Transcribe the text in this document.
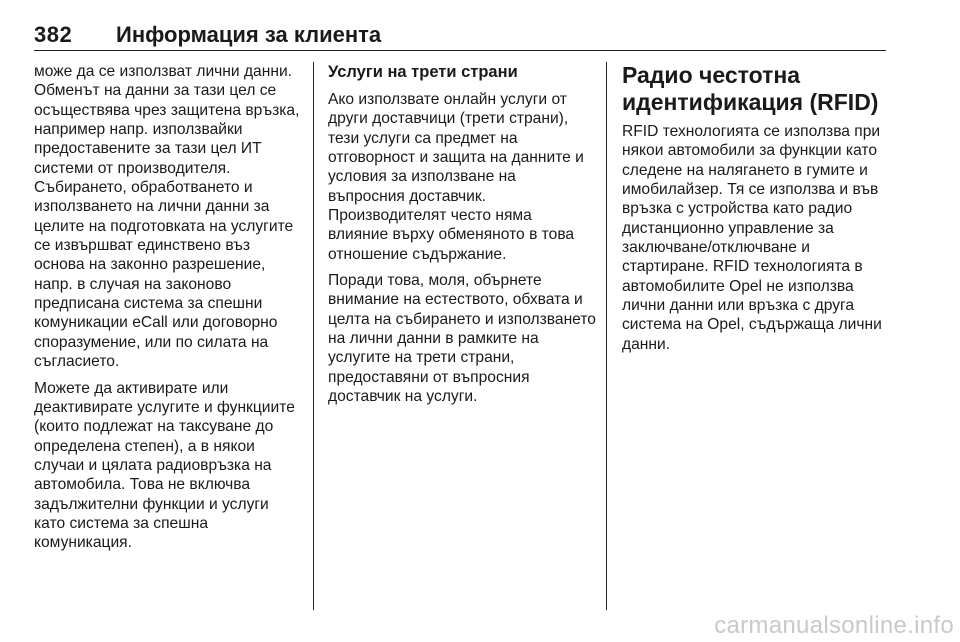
382 Информация за клиента

може да се използват лични данни. Обменът на данни за тази цел се осъществява чрез защитена връзка, например напр. използвайки предоставените за тази цел ИТ системи от производителя. Събирането, обработването и използването на лични данни за целите на подготовката на услугите се извършват единствено въз основа на законно разрешение, напр. в случая на законово предписана система за спешни комуникации eCall или договорно споразумение, или по силата на съгласието.

Можете да активирате или деактивирате услугите и функциите (които подлежат на таксуване до определена степен), а в някои случаи и цялата радиовръзка на автомобила. Това не включва задължителни функции и услуги като система за спешна комуникация.

Услуги на трети страни

Ако използвате онлайн услуги от други доставчици (трети страни), тези услуги са предмет на отговорност и защита на данните и условия за използване на въпросния доставчик. Производителят често няма влияние върху обменяното в това отношение съдържание.

Поради това, моля, обърнете внимание на естеството, обхвата и целта на събирането и използването на лични данни в рамките на услугите на трети страни, предоставяни от въпросния доставчик на услуги.

Радио честотна идентификация (RFID)

RFID технологията се използва при някои автомобили за функции като следене на налягането в гумите и имобилайзер. Тя се използва и във връзка с устройства като радио дистанционно управление за заключване/отключване и стартиране. RFID технологията в автомобилите Opel не използва лични данни или връзка с друга система на Opel, съдържаща лични данни.

carmanualsonline.info
